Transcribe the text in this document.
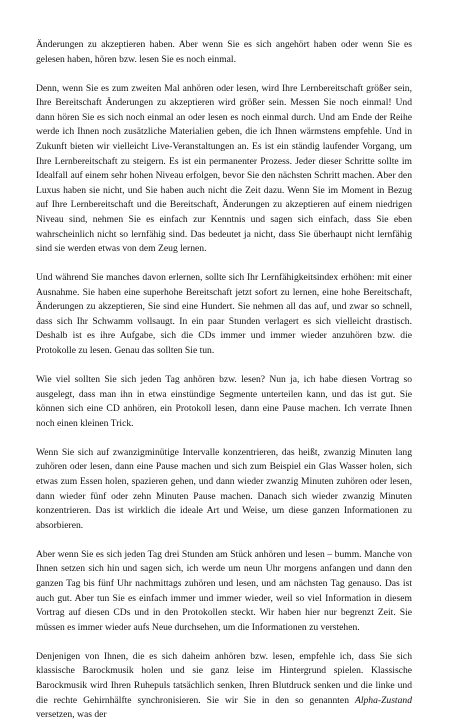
Änderungen zu akzeptieren haben. Aber wenn Sie es sich angehört haben oder wenn Sie es gelesen haben, hören bzw. lesen Sie es noch einmal.

Denn, wenn Sie es zum zweiten Mal anhören oder lesen, wird Ihre Lernbereitschaft größer sein, Ihre Bereitschaft Änderungen zu akzeptieren wird größer sein. Messen Sie noch einmal! Und dann hören Sie es sich noch einmal an oder lesen es noch einmal durch. Und am Ende der Reihe werde ich Ihnen noch zusätzliche Materialien geben, die ich Ihnen wärmstens empfehle. Und in Zukunft bieten wir vielleicht Live-Veranstaltungen an. Es ist ein ständig laufender Vorgang, um Ihre Lernbereitschaft zu steigern. Es ist ein permanenter Prozess. Jeder dieser Schritte sollte im Idealfall auf einem sehr hohen Niveau erfolgen, bevor Sie den nächsten Schritt machen. Aber den Luxus haben sie nicht, und Sie haben auch nicht die Zeit dazu. Wenn Sie im Moment in Bezug auf Ihre Lernbereitschaft und die Bereitschaft, Änderungen zu akzeptieren auf einem niedrigen Niveau sind, nehmen Sie es einfach zur Kenntnis und sagen sich einfach, dass Sie eben wahrscheinlich nicht so lernfähig sind. Das bedeutet ja nicht, dass Sie überhaupt nicht lernfähig sind sie werden etwas von dem Zeug lernen.

Und während Sie manches davon erlernen, sollte sich Ihr Lernfähigkeitsindex erhöhen: mit einer Ausnahme. Sie haben eine superhohe Bereitschaft jetzt sofort zu lernen, eine hohe Bereitschaft, Änderungen zu akzeptieren, Sie sind eine Hundert. Sie nehmen all das auf, und zwar so schnell, dass sich Ihr Schwamm vollsaugt. In ein paar Stunden verlagert es sich vielleicht drastisch. Deshalb ist es ihre Aufgabe, sich die CDs immer und immer wieder anzuhören bzw. die Protokolle zu lesen. Genau das sollten Sie tun.

Wie viel sollten Sie sich jeden Tag anhören bzw. lesen? Nun ja, ich habe diesen Vortrag so ausgelegt, dass man ihn in etwa einstündige Segmente unterteilen kann, und das ist gut. Sie können sich eine CD anhören, ein Protokoll lesen, dann eine Pause machen. Ich verrate Ihnen noch einen kleinen Trick.

Wenn Sie sich auf zwanzigminütige Intervalle konzentrieren, das heißt, zwanzig Minuten lang zuhören oder lesen, dann eine Pause machen und sich zum Beispiel ein Glas Wasser holen, sich etwas zum Essen holen, spazieren gehen, und dann wieder zwanzig Minuten zuhören oder lesen, dann wieder fünf oder zehn Minuten Pause machen. Danach sich wieder zwanzig Minuten konzentrieren. Das ist wirklich die ideale Art und Weise, um diese ganzen Informationen zu absorbieren.

Aber wenn Sie es sich jeden Tag drei Stunden am Stück anhören und lesen – bumm. Manche von Ihnen setzen sich hin und sagen sich, ich werde um neun Uhr morgens anfangen und dann den ganzen Tag bis fünf Uhr nachmittags zuhören und lesen, und am nächsten Tag genauso. Das ist auch gut. Aber tun Sie es einfach immer und immer wieder, weil so viel Information in diesem Vortrag auf diesen CDs und in den Protokollen steckt. Wir haben hier nur begrenzt Zeit. Sie müssen es immer wieder aufs Neue durchsehen, um die Informationen zu verstehen.

Denjenigen von Ihnen, die es sich daheim anhören bzw. lesen, empfehle ich, dass Sie sich klassische Barockmusik holen und sie ganz leise im Hintergrund spielen. Klassische Barockmusik wird Ihren Ruhepuls tatsächlich senken, Ihren Blutdruck senken und die linke und die rechte Gehirnhälfte synchronisieren. Sie wir Sie in den so genannten Alpha-Zustand versetzen, was der
